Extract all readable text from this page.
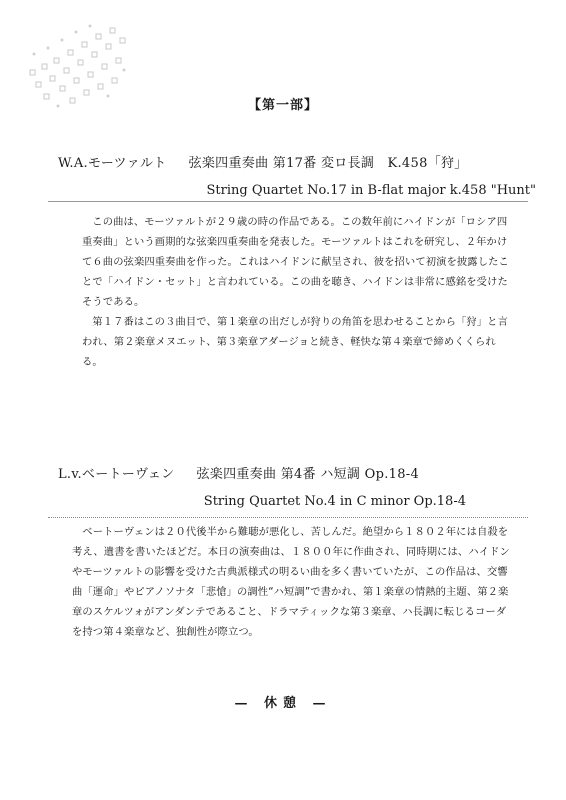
【第一部】
W.A.モーツァルト 弦楽四重奏曲 第17番 変ロ長調　K.458「狩」
String Quartet No.17 in B-flat major k.458 "Hunt"

この曲は、モーツァルトが２９歳の時の作品である。この数年前にハイドンが「ロシア四重奏曲」という画期的な弦楽四重奏曲を発表した。モーツァルトはこれを研究し、２年かけて６曲の弦楽四重奏曲を作った。これはハイドンに献呈され、彼を招いて初演を披露したことで「ハイドン・セット」と言われている。この曲を聴き、ハイドンは非常に感銘を受けたそうである。

第１７番はこの３曲目で、第１楽章の出だしが狩りの角笛を思わせることから「狩」と言われ、第２楽章メヌエット、第３楽章アダージョと続き、軽快な第４楽章で締めくくられる。

L.v.ベートーヴェン 弦楽四重奏曲 第4番 ハ短調 Op.18-4
String Quartet No.4 in C minor Op.18-4

ベートーヴェンは２０代後半から難聴が悪化し、苦しんだ。絶望から１８０２年には自殺を考え、遺書を書いたほどだ。本日の演奏曲は、１８００年に作曲され、同時期には、ハイドンやモーツァルトの影響を受けた古典派様式の明るい曲を多く書いていたが、この作品は、交響曲「運命」やピアノソナタ「悲愴」の調性“ハ短調”で書かれ、第１楽章の情熱的主題、第２楽章のスケルツォがアンダンテであること、ドラマティックな第３楽章、ハ長調に転じるコーダを持つ第４楽章など、独創性が際立つ。

— 休憩 —
